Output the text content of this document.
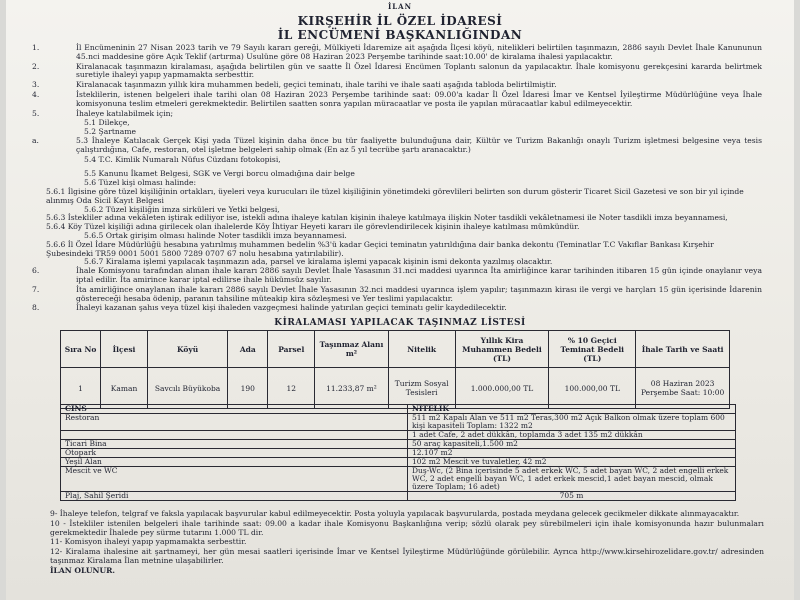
İLAN
KIRŞEHİR İL ÖZEL İDARESİ
İL ENCÜMENİ BAŞKANLIĞINDAN
1.	İl Encümeninin 27 Nisan 2023 tarih ve 79 Sayılı kararı gereği, Mülkiyeti İdaremize ait aşağıda İlçesi köyü, nitelikleri belirtilen taşınmazın, 2886 sayılı Devlet İhale Kanununun 45.nci maddesine göre Açık Teklif (artırma) Usulüne göre 08 Haziran 2023 Perşembe tarihinde saat:10.00' de kiralama ihalesi yapılacaktır.
2.	Kiralanacak taşınmazın kiralaması, aşağıda belirtilen gün ve saatte İl Özel İdaresi Encümen Toplantı salonun da yapılacaktır. İhale komisyonu gerekçesini kararda belirtmek suretiyle ihaleyi yapıp yapmamakta serbesttir.
3.	Kiralanacak taşınmazın yıllık kira muhammen bedeli, geçici teminatı, ihale tarihi ve ihale saati aşağıda tabloda belirtilmiştir.
4.	İsteklilerin, istenen belgeleri ihale tarihi olan 08 Haziran 2023 Perşembe tarihinde saat: 09.00'a kadar İl Özel İdaresi İmar ve Kentsel İyileştirme Müdürlüğüne veya İhale komisyonuna teslim etmeleri gerekmektedir. Belirtilen saatten sonra yapılan müracaatlar ve posta ile yapılan müracaatlar kabul edilmeyecektir.
5.	İhaleye katılabilmek için;
5.1 Dilekçe,
5.2 Şartname
a.	5.3 İhaleye Katılacak Gerçek Kişi yada Tüzel kişinin daha önce bu tür faaliyette bulunduğuna dair, Kültür ve Turizm Bakanlığı onaylı Turizm işletmesi belgesine veya tesis çalıştırdığına, Cafe, restoran, otel işletme belgeleri sahip olmak (En az 5 yıl tecrübe şartı aranacaktır.)
5.4 T.C. Kimlik Numaralı Nüfus Cüzdanı fotokopisi,
5.5 Kanunu İkamet Belgesi, SGK ve Vergi borcu olmadığına dair belge
5.6 Tüzel kişi olması halinde:
5.6.1 İlgisine göre tüzel kişiliğinin ortakları, üyeleri veya kurucuları ile tüzel kişiliğinin yönetimdeki görevlileri belirten son durum gösterir Ticaret Sicil Gazetesi ve son bir yıl içinde alınmış Oda Sicil Kayıt Belgesi
5.6.2 Tüzel kişiliğin imza sirküleri ve Yetki belgesi,
5.6.3 İstekliler adına vekâleten iştirak ediliyor ise, istekli adına ihaleye katılan kişinin ihaleye katılmaya ilişkin Noter tasdikli vekâletnamesi ile Noter tasdikli imza beyannamesi,
5.6.4 Köy Tüzel kişiliği adına girilecek olan ihalelerde Köy İhtiyar Heyeti kararı ile görevlendirilecek kişinin ihaleye katılması mümkündür.
5.6.5 Ortak girişim olması halinde Noter tasdikli imza beyannamesi.
5.6.6 İl Özel İdare Müdürlüğü hesabına yatırılmış muhammen bedelin %3'ü kadar Geçici teminatın yatırıldığına dair banka dekontu (Teminatlar T.C Vakıflar Bankası Kırşehir Şubesindeki TR59 0001 5001 5800 7289 0707 67 nolu hesabına yatırılabilir).
5.6.7 Kiralama işlemi yapılacak taşınmazın ada, parsel ve kiralama işlemi yapacak kişinin ismi dekonta yazılmış olacaktır.
6.	İhale Komisyonu tarafından alınan ihale kararı 2886 sayılı Devlet İhale Yasasının 31.nci maddesi uyarınca İta amirliğince karar tarihinden itibaren 15 gün içinde onaylanır veya iptal edilir. İta amirince karar iptal edilirse ihale hükümsüz sayılır.
7.	İta amirliğince onaylanan ihale kararı 2886 sayılı Devlet İhale Yasasının 32.nci maddesi uyarınca işlem yapılır; taşınmazın kirası ile vergi ve harçları 15 gün içerisinde İdarenin göstereceği hesaba ödenip, paranın tahsiline müteakip kira sözleşmesi ve Yer teslimi yapılacaktır.
8.	İhaleyi kazanan şahıs veya tüzel kişi ihaleden vazgeçmesi halinde yatırılan geçici teminatı gelir kaydedilecektir.
KİRALAMASI YAPILACAK TAŞINMAZ LİSTESİ
Sıra No	İlçesi	Köyü	Ada	Parsel	Taşınmaz Alanı m²	Nitelik	Yıllık Kira Muhammen Bedeli (TL)	% 10 Geçici Teminat Bedeli (TL)	İhale Tarih ve Saati
1	Kaman	Savcılı Büyükoba	190	12	11.233,87 m²	Turizm Sosyal Tesisleri	1.000.000,00 TL	100.000,00 TL	08 Haziran 2023 Perşembe Saat: 10:00
CİNS	NİTELİK
Restoran	511 m2 Kapalı Alan ve 511 m2 Teras,300 m2 Açık Balkon olmak üzere toplam 600 kişi kapasiteli Toplam: 1322 m2
	1 adet Cafe, 2 adet dükkân, toplamda 3 adet 135 m2 dükkân
Ticari Bina	50 araç kapasiteli,1.500 m2
Otopark	12.107 m2
Yeşil Alan	102 m2 Mescit ve tuvaletler, 42 m2
Mescit ve WC	Duş-Wc, (2 Bina içerisinde 5 adet erkek WC, 5 adet bayan WC, 2 adet engelli erkek WC, 2 adet engelli bayan WC, 1 adet erkek mescid,1 adet bayan mescid, olmak üzere Toplam; 16 adet)
Plaj, Sahil Şeridi	705 m

9- İhaleye telefon, telgraf ve faksla yapılacak başvurular kabul edilmeyecektir. Posta yoluyla yapılacak başvurularda, postada meydana gelecek gecikmeler dikkate alınmayacaktır.

10 - İstekliler istenilen belgeleri ihale tarihinde saat: 09.00 a kadar ihale Komisyonu Başkanlığına verip; sözlü olarak pey sürebilmeleri için ihale komisyonunda hazır bulunmaları gerekmektedir İhalede pey sürme tutarını 1.000 TL dir.

11- Komisyon ihaleyi yapıp yapmamakta serbesttir.

12- Kiralama ihalesine ait şartnameyi, her gün mesai saatleri içerisinde İmar ve Kentsel İyileştirme Müdürlüğünde görülebilir. Ayrıca http://www.kirsehirozelidare.gov.tr/ adresinden taşınmaz Kiralama İlan metnine ulaşabilirler.

İLAN OLUNUR.
